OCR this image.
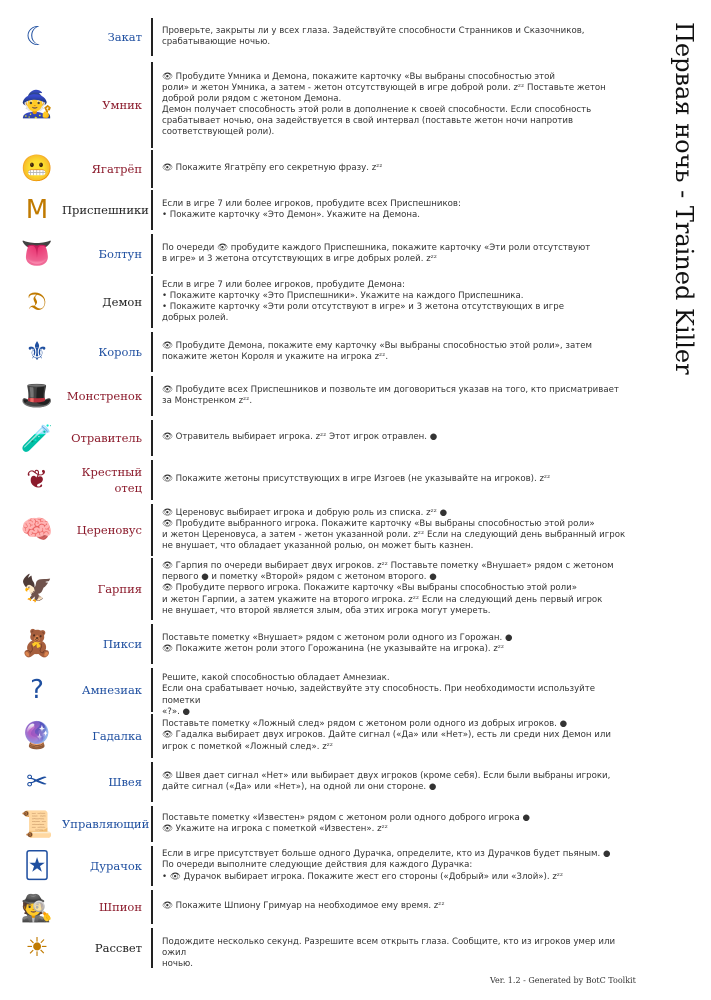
☾	Закат Проверьте, закрыты ли у всех глаза. Задействуйте способности Странников и Сказочников,

срабатывающие ночью.

🧙	Умник

👁 Пробудите Умника и Демона, покажите карточку «Вы выбраны способностью этой

роли» и жетон Умника, а затем - жетон отсутствующей в игре доброй роли. zᶻᶻ Поставьте жетон

доброй роли рядом с жетоном Демона.

Демон получает способность этой роли в дополнение к своей способности. Если способность

срабатывает ночью, она задействуется в свой интервал (поставьте жетон ночи напротив

соответствующей роли).

😬	Ягатрёп 👁 Покажите Ягатрёпу его секретную фразу. zᶻᶻ

M	Приспешники Если в игре 7 или более игроков, пробудите всех Приспешников:

• Покажите карточку «Это Демон». Укажите на Демона.

👅	Болтун По очереди 👁 пробудите каждого Приспешника, покажите карточку «Эти роли отсутствуют

в игре» и 3 жетона отсутствующих в игре добрых ролей. zᶻᶻ

𝔇	Демон

Если в игре 7 или более игроков, пробудите Демона:

• Покажите карточку «Это Приспешники». Укажите на каждого Приспешника.

• Покажите карточку «Эти роли отсутствуют в игре» и 3 жетона отсутствующих в игре

добрых ролей.

⚜	Король 👁 Пробудите Демона, покажите ему карточку «Вы выбраны способностью этой роли», затем

покажите жетон Короля и укажите на игрока zᶻᶻ.

🎩	Монстренок 👁 Пробудите всех Приспешников и позвольте им договориться указав на того, кто присматривает

за Монстренком zᶻᶻ.

🧪	Отравитель 👁 Отравитель выбирает игрока. zᶻᶻ Этот игрок отравлен. ●

❦	Крестный отец

👁 Покажите жетоны присутствующих в игре Изгоев (не указывайте на игроков). zᶻᶻ

🧠	Цереновус

👁 Цереновус выбирает игрока и добрую роль из списка. zᶻᶻ ●

👁 Пробудите выбранного игрока. Покажите карточку «Вы выбраны способностью этой роли»

и жетон Цереновуса, а затем - жетон указанной роли. zᶻᶻ Если на следующий день выбранный игрок

не внушает, что обладает указанной ролью, он может быть казнен.

🦅	Гарпия

👁 Гарпия по очереди выбирает двух игроков. zᶻᶻ Поставьте пометку «Внушает» рядом с жетоном

первого ● и пометку «Второй» рядом с жетоном второго. ●

👁 Пробудите первого игрока. Покажите карточку «Вы выбраны способностью этой роли»

и жетон Гарпии, а затем укажите на второго игрока. zᶻᶻ Если на следующий день первый игрок

не внушает, что второй является злым, оба этих игрока могут умереть.

🧸	Пикси Поставьте пометку «Внушает» рядом с жетоном роли одного из Горожан. ●

👁 Покажите жетон роли этого Горожанина (не указывайте на игрока). zᶻᶻ

?	Амнезиак

Решите, какой способностью обладает Амнезиак.

Если она срабатывает ночью, задействуйте эту способность. При необходимости используйте пометки

«?». ●

🔮	Гадалка

Поставьте пометку «Ложный след» рядом с жетоном роли одного из добрых игроков. ●

👁 Гадалка выбирает двух игроков. Дайте сигнал («Да» или «Нет»), есть ли среди них Демон или

игрок с пометкой «Ложный след». zᶻᶻ

✂	Швея 👁 Швея дает сигнал «Нет» или выбирает двух игроков (кроме себя). Если были выбраны игроки,

дайте сигнал («Да» или «Нет»), на одной ли они стороне. ●

📜 Управляющий Поставьте пометку «Известен» рядом с жетоном роли одного доброго игрока ●

👁 Укажите на игрока с пометкой «Известен». zᶻᶻ

🃏	Дурачок

Если в игре присутствует больше одного Дурачка, определите, кто из Дурачков будет пьяным. ●

По очереди выполните следующие действия для каждого Дурачка:

• 👁 Дурачок выбирает игрока. Покажите жест его стороны («Добрый» или «Злой»). zᶻᶻ

🕵	Шпион 👁 Покажите Шпиону Гримуар на необходимое ему время. zᶻᶻ

☀	Рассвет Подождите несколько секунд. Разрешите всем открыть глаза. Сообщите, кто из игроков умер или ожил

ночью.

Первая ночь - Trained Killer
Ver. 1.2 - Generated by BotC Toolkit
